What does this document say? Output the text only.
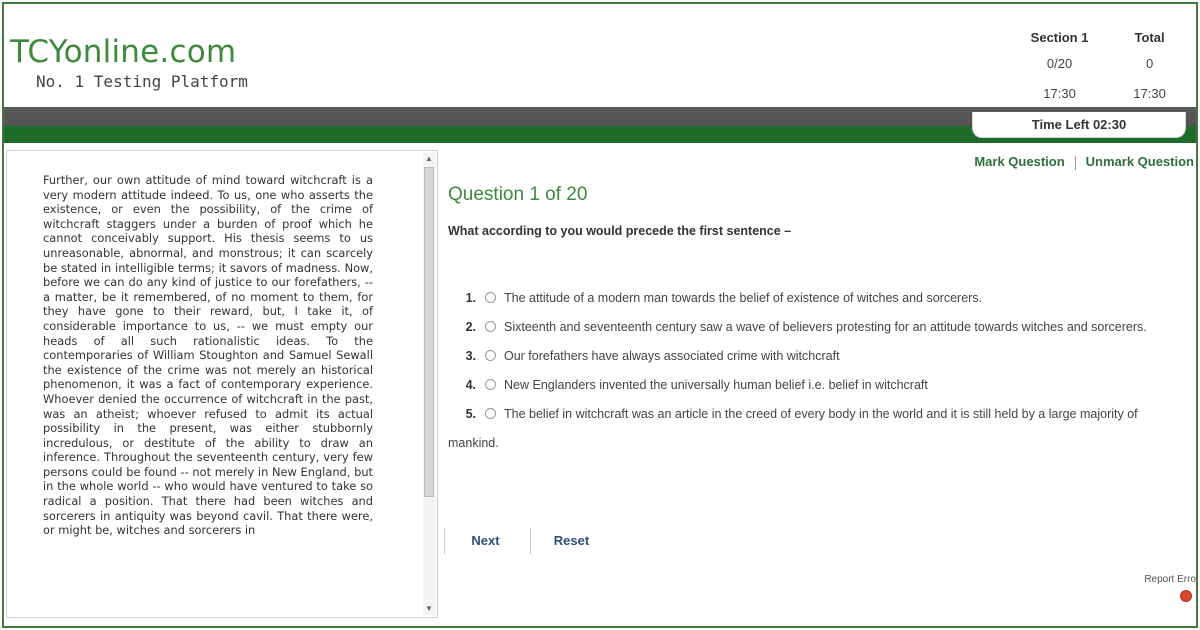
TCYonline.com
No. 1 Testing Platform
Section 1	Total
0/20	0
17:30	17:30
Time Left 02:30
Further, our own attitude of mind toward witchcraft is a very modern attitude indeed. To us, one who asserts the existence, or even the possibility, of the crime of witchcraft staggers under a burden of proof which he cannot conceivably support. His thesis seems to us unreasonable, abnormal, and monstrous; it can scarcely be stated in intelligible terms; it savors of madness. Now, before we can do any kind of justice to our forefathers, -- a matter, be it remembered, of no moment to them, for they have gone to their reward, but, I take it, of considerable importance to us, -- we must empty our heads of all such rationalistic ideas. To the contemporaries of William Stoughton and Samuel Sewall the existence of the crime was not merely an historical phenomenon, it was a fact of contemporary experience. Whoever denied the occurrence of witchcraft in the past, was an atheist; whoever refused to admit its actual possibility in the present, was either stubbornly incredulous, or destitute of the ability to draw an inference. Throughout the seventeenth century, very few persons could be found -- not merely in New England, but in the whole world -- who would have ventured to take so radical a position. That there had been witches and sorcerers in antiquity was beyond cavil. That there were, or might be, witches and sorcerers in
▲
▼
Mark Question Unmark Question
Question 1 of 20
What according to you would precede the first sentence –
1. The attitude of a modern man towards the belief of existence of witches and sorcerers.
2. Sixteenth and seventeenth century saw a wave of believers protesting for an attitude towards witches and sorcerers.
3. Our forefathers have always associated crime with witchcraft
4. New Englanders invented the universally human belief i.e. belief in witchcraft
5. The belief in witchcraft was an article in the creed of every body in the world and it is still held by a large majority of mankind.
Next	Reset
Report Erro
